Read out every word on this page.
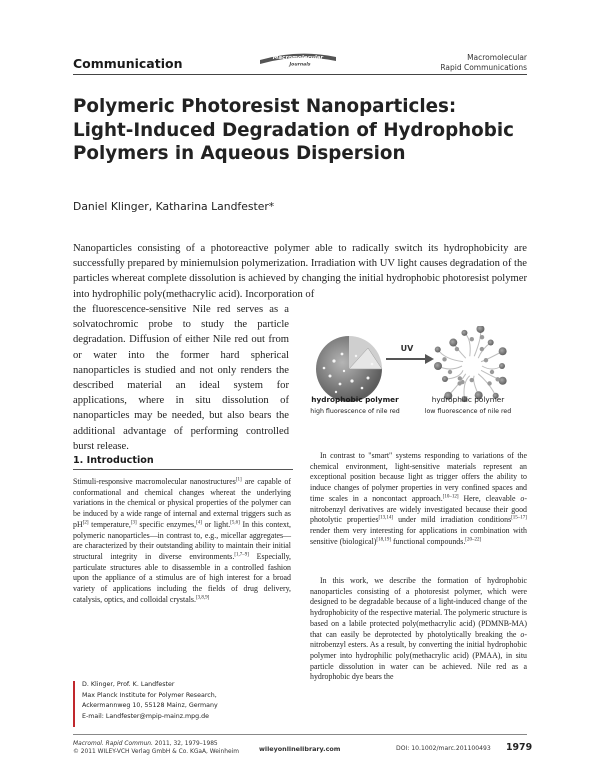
Communication	Macromolecular
Journals
Macromolecular
Rapid Communications
Polymeric Photoresist Nanoparticles:
Light-Induced Degradation of Hydrophobic
Polymers in Aqueous Dispersion
Daniel Klinger, Katharina Landfester*
Nanoparticles consisting of a photoreactive polymer able to radically switch its hydrophobicity are successfully prepared by miniemulsion polymerization. Irradiation with UV light causes degradation of the particles whereat complete dissolution is achieved by changing the initial hydrophobic photoresist polymer into hydrophilic poly(methacrylic acid). Incorporation of
the fluorescence-sensitive Nile red serves as a solvatochromic probe to study the particle degradation. Diffusion of either Nile red out from or water into the former hard spherical nanoparticles is studied and not only renders the described material an ideal system for applications, where in situ dissolution of nanoparticles may be needed, but also bears the additional advantage of performing controlled burst release.
UV
hydrophobic polymer
high fluorescence of nile red
hydrophilic polymer
low fluorescence of nile red
1. Introduction
Stimuli-responsive macromolecular nanostructures[1] are capable of conformational and chemical changes whereat the underlying variations in the chemical or physical properties of the polymer can be induced by a wide range of internal and external triggers such as pH[2] temperature,[3] specific enzymes,[4] or light.[5,6] In this context, polymeric nanoparticles—in contrast to, e.g., micellar aggregates—are characterized by their outstanding ability to maintain their initial structural integrity in diverse environments.[1,7–9] Especially, particulate structures able to disassemble in a controlled fashion upon the appliance of a stimulus are of high interest for a broad variety of applications including the fields of drug delivery, catalysis, optics, and colloidal crystals.[3,8,9]
In contrast to "smart" systems responding to variations of the chemical environment, light-sensitive materials represent an exceptional position because light as trigger offers the ability to induce changes of polymer properties in very confined spaces and time scales in a noncontact approach.[10–12] Here, cleavable o-nitrobenzyl derivatives are widely investigated because their good photolytic properties[13,14] under mild irradiation conditions[15–17] render them very interesting for applications in combination with sensitive (biological)[18,19] functional compounds.[20–22]
In this work, we describe the formation of hydrophobic nanoparticles consisting of a photoresist polymer, which were designed to be degradable because of a light-induced change of the hydrophobicity of the respective material. The polymeric structure is based on a labile protected poly(methacrylic acid) (PDMNB-MA) that can easily be deprotected by photolytically breaking the o-nitrobenzyl esters. As a result, by converting the initial hydrophobic polymer into hydrophilic poly(methacrylic acid) (PMAA), in situ particle dissolution in water can be achieved. Nile red as a hydrophobic dye bears the
D. Klinger, Prof. K. Landfester
Max Planck Institute for Polymer Research,
Ackermannweg 10, 55128 Mainz, Germany
E-mail: Landfester@mpip-mainz.mpg.de
Macromol. Rapid Commun. 2011, 32, 1979–1985
© 2011 WILEY-VCH Verlag GmbH & Co. KGaA, Weinheim	wileyonlinelibrary.com	DOI: 10.1002/marc.201100493 1979
